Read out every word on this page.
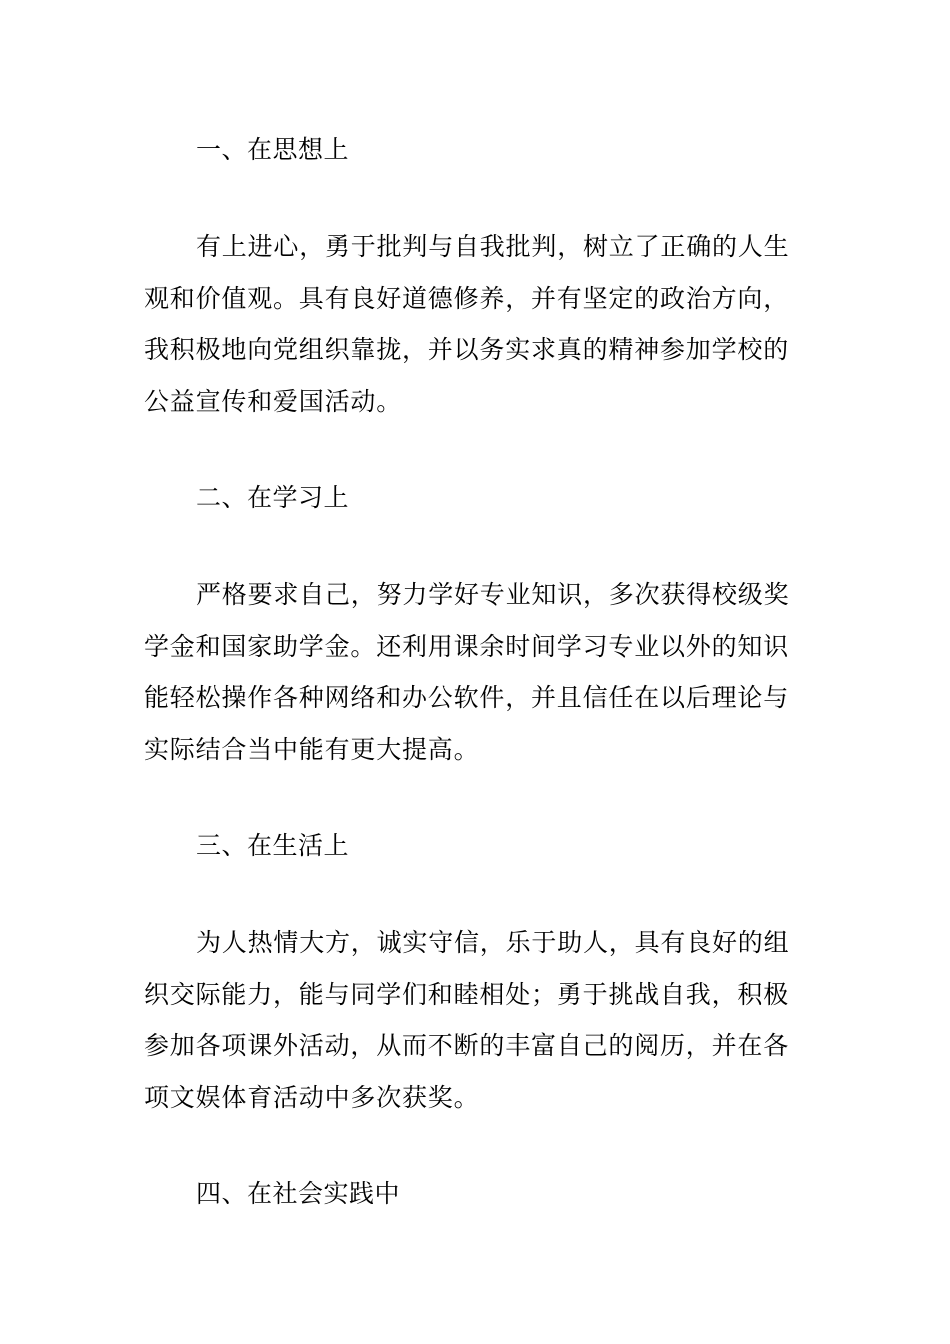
一、在思想上
有上进心，勇于批判与自我批判，树立了正确的人生
观和价值观。具有良好道德修养，并有坚定的政治方向，
我积极地向党组织靠拢，并以务实求真的精神参加学校的
公益宣传和爱国活动。
二、在学习上
严格要求自己，努力学好专业知识，多次获得校级奖
学金和国家助学金。还利用课余时间学习专业以外的知识
能轻松操作各种网络和办公软件，并且信任在以后理论与
实际结合当中能有更大提高。
三、在生活上
为人热情大方，诚实守信，乐于助人，具有良好的组
织交际能力，能与同学们和睦相处；勇于挑战自我，积极
参加各项课外活动，从而不断的丰富自己的阅历，并在各
项文娱体育活动中多次获奖。
四、在社会实践中
